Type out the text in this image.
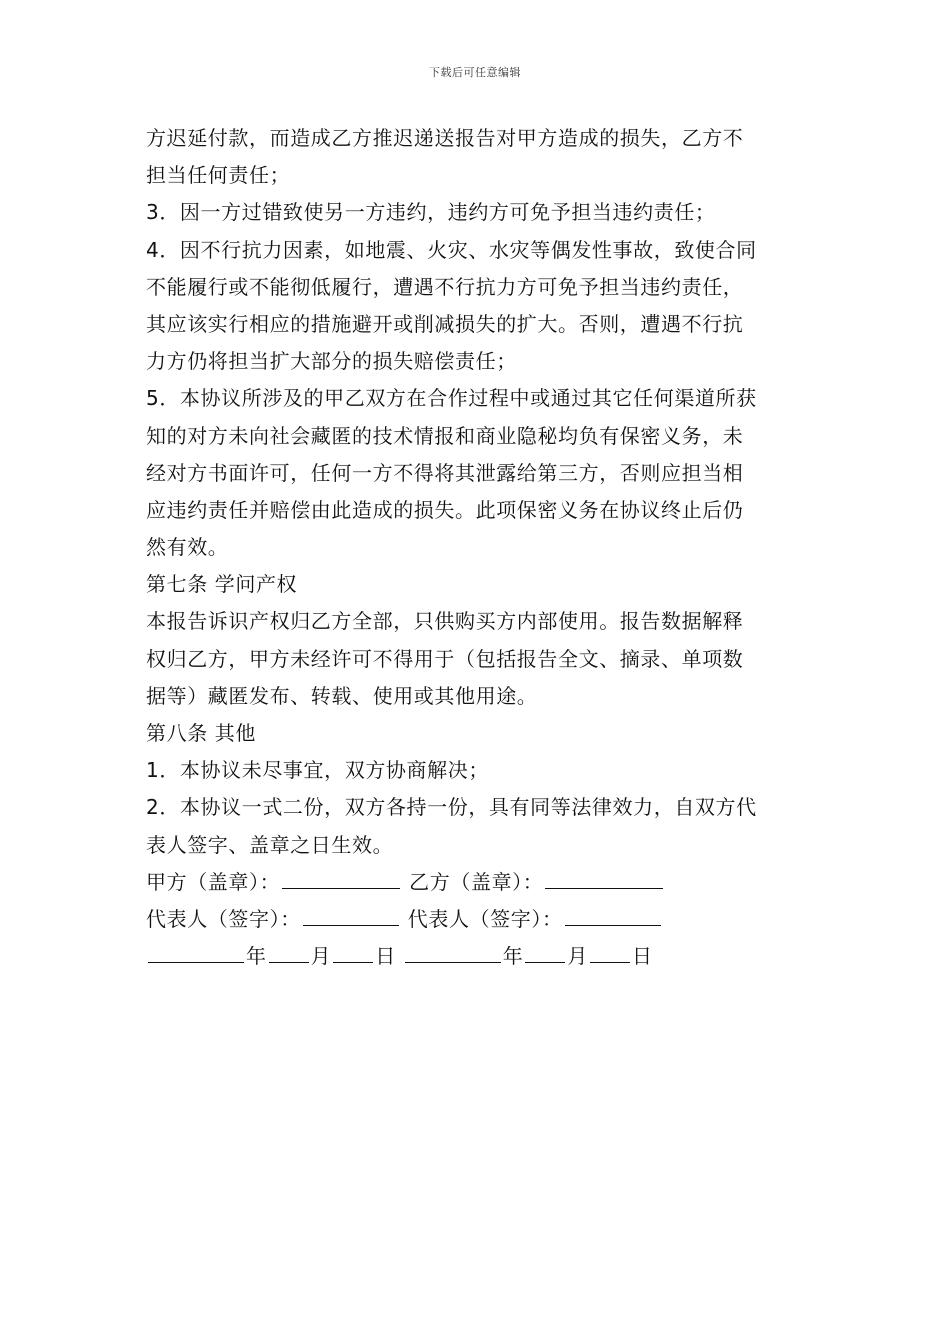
下载后可任意编辑
方迟延付款，而造成乙方推迟递送报告对甲方造成的损失，乙方不
担当任何责任；
3．因一方过错致使另一方违约，违约方可免予担当违约责任；
4．因不行抗力因素，如地震、火灾、水灾等偶发性事故，致使合同
不能履行或不能彻低履行，遭遇不行抗力方可免予担当违约责任，
其应该实行相应的措施避开或削减损失的扩大。否则，遭遇不行抗
力方仍将担当扩大部分的损失赔偿责任；
5．本协议所涉及的甲乙双方在合作过程中或通过其它任何渠道所获
知的对方未向社会藏匿的技术情报和商业隐秘均负有保密义务，未
经对方书面许可，任何一方不得将其泄露给第三方，否则应担当相
应违约责任并赔偿由此造成的损失。此项保密义务在协议终止后仍
然有效。
第七条 学问产权
本报告诉识产权归乙方全部，只供购买方内部使用。报告数据解释
权归乙方，甲方未经许可不得用于（包括报告全文、摘录、单项数
据等）藏匿发布、转载、使用或其他用途。
第八条 其他
1．本协议未尽事宜，双方协商解决；
2．本协议一式二份，双方各持一份，具有同等法律效力，自双方代
表人签字、盖章之日生效。
甲方（盖章）：	乙方（盖章）：
代表人（签字）：	代表人（签字）：
年 月 日	年 月 日
